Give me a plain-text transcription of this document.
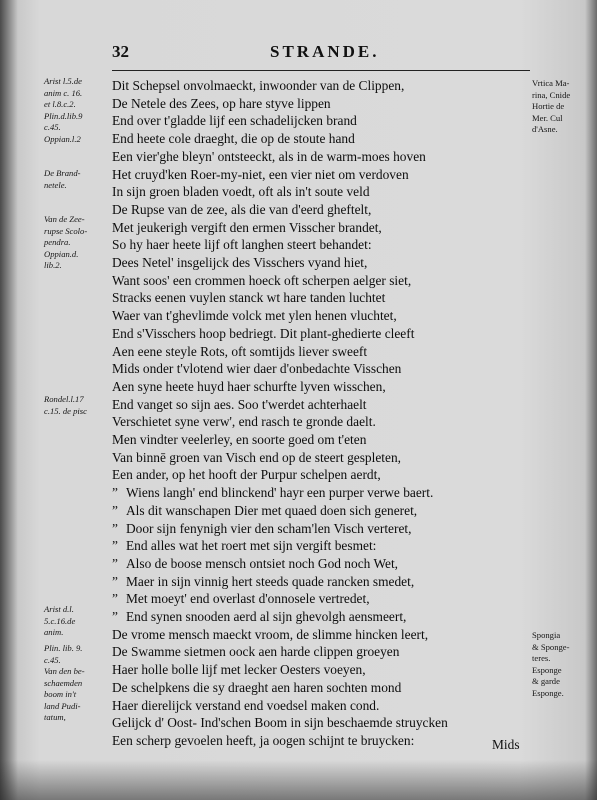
32	STRANDE.
Dit Schepsel onvolmaeckt, inwoonder van de Clippen,
De Netele des Zees, op hare styve lippen
End over t'gladde lijf een schadelijcken brand
End heete cole draeght, die op de stoute hand
Een vier'ghe bleyn' ontsteeckt, als in de warm-moes hoven
Het cruyd'ken Roer-my-niet, een vier niet om verdoven
In sijn groen bladen voedt, oft als in't soute veld
De Rupse van de zee, als die van d'eerd gheftelt,
Met jeukerigh vergift den ermen Visscher brandet,
So hy haer heete lijf oft langhen steert behandet:
Dees Netel' insgelijck des Visschers vyand hiet,
Want soos' een crommen hoeck oft scherpen aelger siet,
Stracks eenen vuylen stanck wt hare tanden luchtet
Waer van t'ghevlimde volck met ylen henen vluchtet,
End s'Visschers hoop bedriegt. Dit plant-ghedierte cleeft
Aen eene steyle Rots, oft somtijds liever sweeft
Mids onder t'vlotend wier daer d'onbedachte Visschen
Aen syne heete huyd haer schurfte lyven wisschen,
End vanget so sijn aes. Soo t'werdet achterhaelt
Verschietet syne verw', end rasch te gronde daelt.
Men vindter veelerley, en soorte goed om t'eten
Van binnē groen van Visch end op de steert gespleten,
Een ander, op het hooft der Purpur schelpen aerdt,
” Wiens langh' end blinckend' hayr een purper verwe baert.
” Als dit wanschapen Dier met quaed doen sich generet,
” Door sijn fenynigh vier den scham'len Visch verteret,
” End alles wat het roert met sijn vergift besmet:
” Also de boose mensch ontsiet noch God noch Wet,
” Maer in sijn vinnig hert steeds quade rancken smedet,
” Met moeyt' end overlast d'onnosele vertredet,
” End synen snooden aerd al sijn ghevolgh aensmeert,
De vrome mensch maeckt vroom, de slimme hincken leert,
De Swamme sietmen oock aen harde clippen groeyen
Haer holle bolle lijf met lecker Oesters voeyen,
De schelpkens die sy draeght aen haren sochten mond
Haer dierelijck verstand end voedsel maken cond.
Gelijck d' Oost- Ind'schen Boom in sijn beschaemde struycken
Een scherp gevoelen heeft, ja oogen schijnt te bruycken:
Arist l.5.de
anim c. 16.
et l.8.c.2.
Plin.d.lib.9
c.45.
Oppian.l.2
De Brand-
netele.
Van de Zee-
rupse Scolo-
pendra.
Oppian.d.
lib.2.
Rondel.l.17
c.15. de pisc
Arist d.l.
5.c.16.de
anim.
Plin. lib. 9.
c.45.
Van den be-
schaemden
boom in't
land Pudi-
tatum,
Vrtica Ma-
rina, Cnide
Hortie de
Mer. Cul
d'Asne.
Spongia
& Sponge-
teres.
Esponge
& garde
Esponge.
Mids
